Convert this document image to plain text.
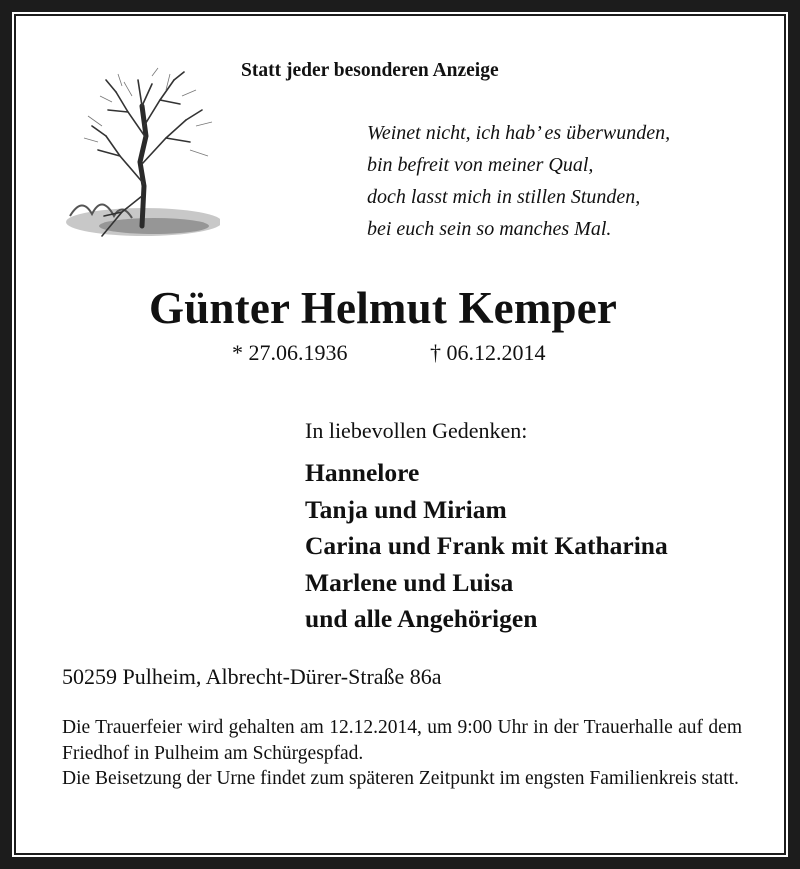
Statt jeder besonderen Anzeige
Weinet nicht, ich hab’ es überwunden,
bin befreit von meiner Qual,
doch lasst mich in stillen Stunden,
bei euch sein so manches Mal.
Günter Helmut Kemper
* 27.06.1936	† 06.12.2014
In liebevollen Gedenken:
Hannelore
Tanja und Miriam
Carina und Frank mit Katharina
Marlene und Luisa
und alle Angehörigen
50259 Pulheim, Albrecht-Dürer-Straße 86a
Die Trauerfeier wird gehalten am 12.12.2014, um 9:00 Uhr in der Trauerhalle auf dem Friedhof in Pulheim am Schürgespfad.
Die Beisetzung der Urne findet zum späteren Zeitpunkt im engsten Familienkreis statt.
